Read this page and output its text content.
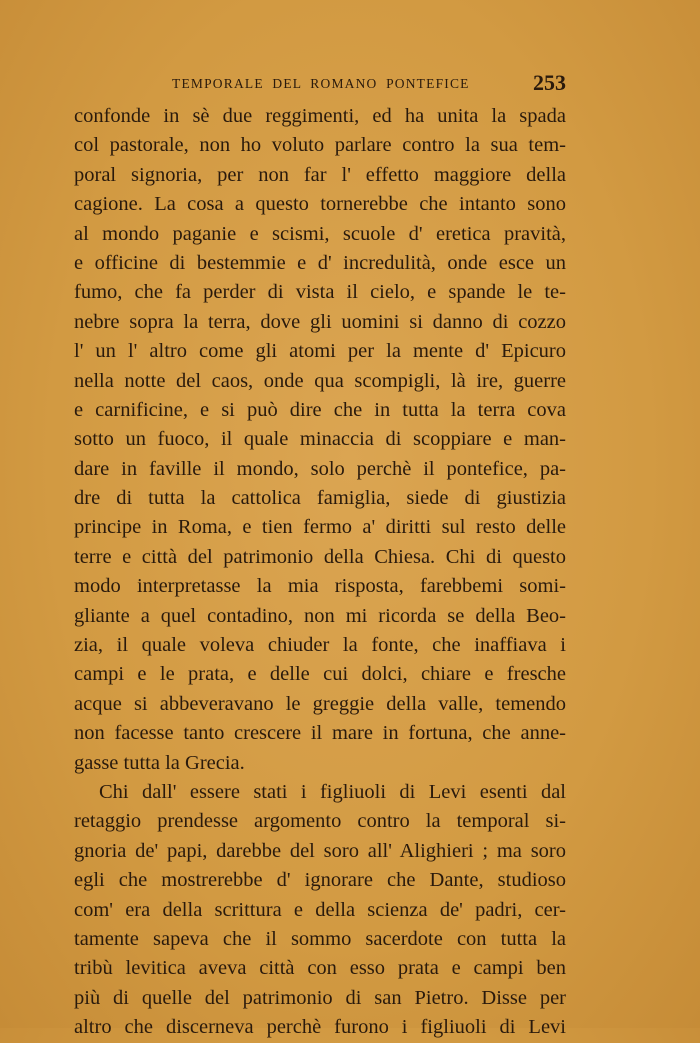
TEMPORALE DEL ROMANO PONTEFICE	253
confonde in sè due reggimenti, ed ha unita la spada
col pastorale, non ho voluto parlare contro la sua tem-
poral signoria, per non far l' effetto maggiore della
cagione. La cosa a questo tornerebbe che intanto sono
al mondo paganie e scismi, scuole d' eretica pravità,
e officine di bestemmie e d' incredulità, onde esce un
fumo, che fa perder di vista il cielo, e spande le te-
nebre sopra la terra, dove gli uomini si danno di cozzo
l' un l' altro come gli atomi per la mente d' Epicuro
nella notte del caos, onde qua scompigli, là ire, guerre
e carnificine, e si può dire che in tutta la terra cova
sotto un fuoco, il quale minaccia di scoppiare e man-
dare in faville il mondo, solo perchè il pontefice, pa-
dre di tutta la cattolica famiglia, siede di giustizia
principe in Roma, e tien fermo a' diritti sul resto delle
terre e città del patrimonio della Chiesa. Chi di questo
modo interpretasse la mia risposta, farebbemi somi-
gliante a quel contadino, non mi ricorda se della Beo-
zia, il quale voleva chiuder la fonte, che inaffiava i
campi e le prata, e delle cui dolci, chiare e fresche
acque si abbeveravano le greggie della valle, temendo
non facesse tanto crescere il mare in fortuna, che anne-
gasse tutta la Grecia.
Chi dall' essere stati i figliuoli di Levi esenti dal
retaggio prendesse argomento contro la temporal si-
gnoria de' papi, darebbe del soro all' Alighieri ; ma soro
egli che mostrerebbe d' ignorare che Dante, studioso
com' era della scrittura e della scienza de' padri, cer-
tamente sapeva che il sommo sacerdote con tutta la
tribù levitica aveva città con esso prata e campi ben
più di quelle del patrimonio di san Pietro. Disse per
altro che discerneva perchè furono i figliuoli di Levi
